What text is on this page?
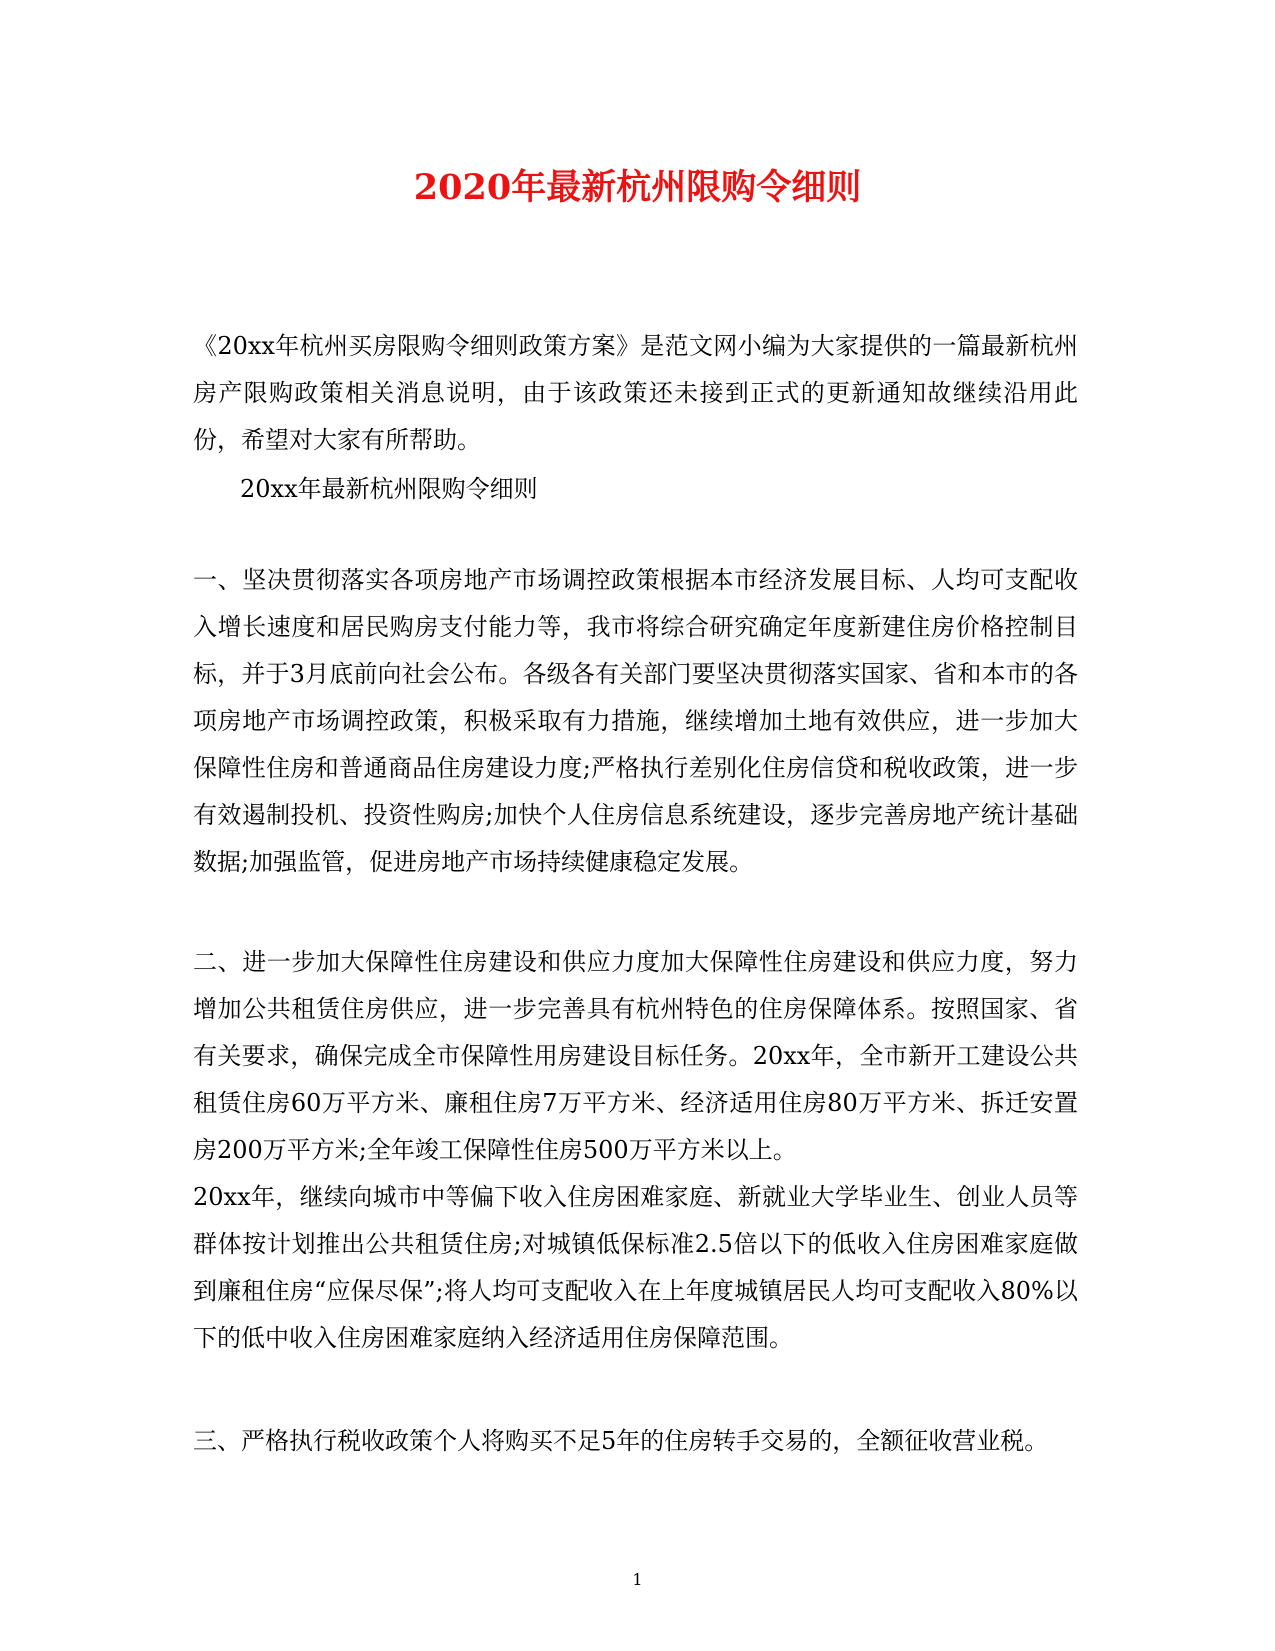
2020年最新杭州限购令细则

《20xx年杭州买房限购令细则政策方案》是范文网小编为大家提供的一篇最新杭州房产限购政策相关消息说明，由于该政策还未接到正式的更新通知故继续沿用此份，希望对大家有所帮助。

20xx年最新杭州限购令细则

一、坚决贯彻落实各项房地产市场调控政策根据本市经济发展目标、人均可支配收入增长速度和居民购房支付能力等，我市将综合研究确定年度新建住房价格控制目标，并于3月底前向社会公布。各级各有关部门要坚决贯彻落实国家、省和本市的各项房地产市场调控政策，积极采取有力措施，继续增加土地有效供应，进一步加大保障性住房和普通商品住房建设力度;严格执行差别化住房信贷和税收政策，进一步有效遏制投机、投资性购房;加快个人住房信息系统建设，逐步完善房地产统计基础数据;加强监管，促进房地产市场持续健康稳定发展。

二、进一步加大保障性住房建设和供应力度加大保障性住房建设和供应力度，努力增加公共租赁住房供应，进一步完善具有杭州特色的住房保障体系。按照国家、省有关要求，确保完成全市保障性用房建设目标任务。20xx年，全市新开工建设公共租赁住房60万平方米、廉租住房7万平方米、经济适用住房80万平方米、拆迁安置房200万平方米;全年竣工保障性住房500万平方米以上。

20xx年，继续向城市中等偏下收入住房困难家庭、新就业大学毕业生、创业人员等群体按计划推出公共租赁住房;对城镇低保标准2.5倍以下的低收入住房困难家庭做到廉租住房“应保尽保”;将人均可支配收入在上年度城镇居民人均可支配收入80%以下的低中收入住房困难家庭纳入经济适用住房保障范围。

三、严格执行税收政策个人将购买不足5年的住房转手交易的，全额征收营业税。

1
